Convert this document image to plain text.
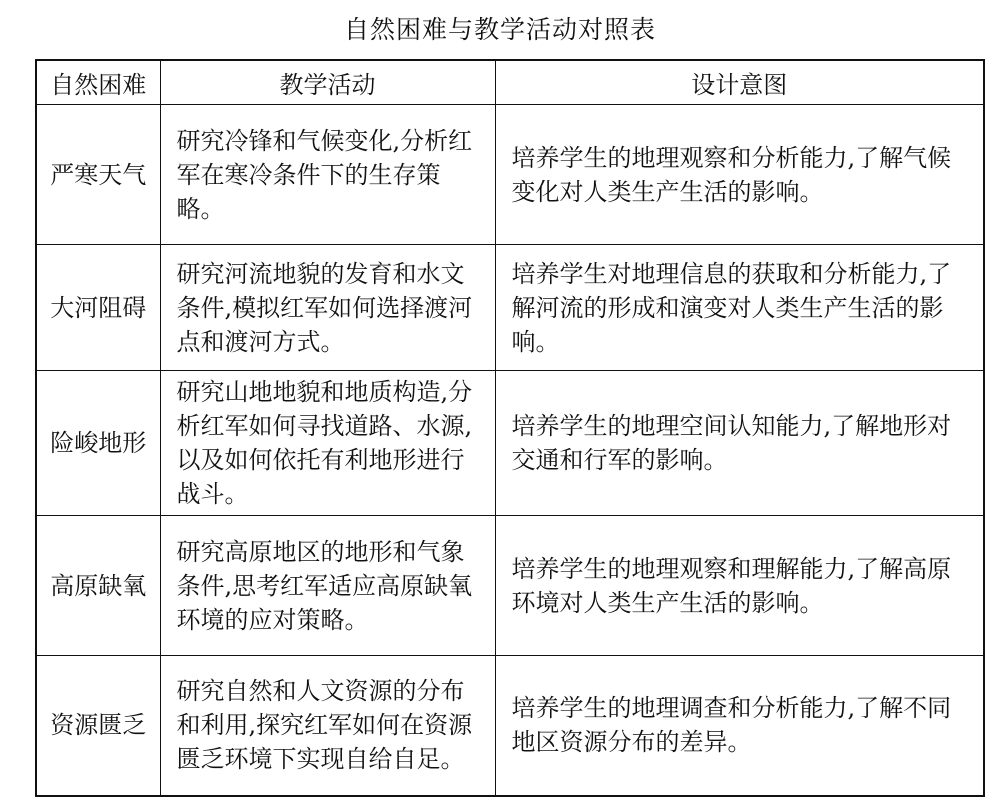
自然困难与教学活动对照表
自然困难	教学活动	设计意图
严寒天气	研究冷锋和气候变化,分析红军在寒冷条件下的生存策略。	培养学生的地理观察和分析能力,了解气候变化对人类生产生活的影响。
大河阻碍	研究河流地貌的发育和水文条件,模拟红军如何选择渡河点和渡河方式。	培养学生对地理信息的获取和分析能力,了解河流的形成和演变对人类生产生活的影响。
险峻地形	研究山地地貌和地质构造,分析红军如何寻找道路、水源,以及如何依托有利地形进行战斗。	培养学生的地理空间认知能力,了解地形对交通和行军的影响。
高原缺氧	研究高原地区的地形和气象条件,思考红军适应高原缺氧环境的应对策略。	培养学生的地理观察和理解能力,了解高原环境对人类生产生活的影响。
资源匮乏	研究自然和人文资源的分布和利用,探究红军如何在资源匮乏环境下实现自给自足。	培养学生的地理调查和分析能力,了解不同地区资源分布的差异。
